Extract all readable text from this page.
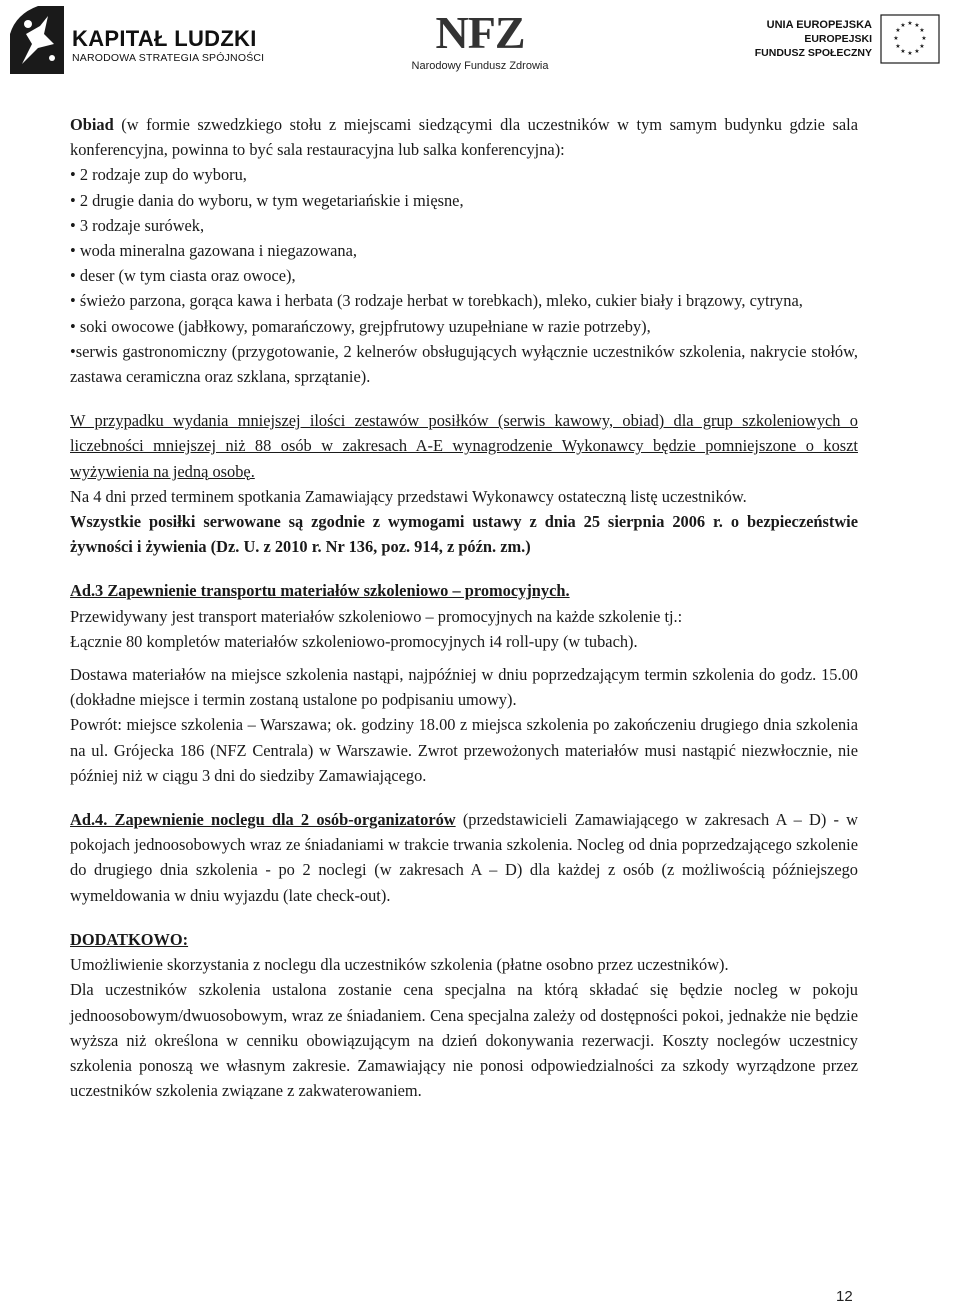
KAPITAŁ LUDZKI
NARODOWA STRATEGIA SPÓJNOŚCI	NFZ
Narodowy Fundusz Zdrowia
UNIA EUROPEJSKA
EUROPEJSKI
FUNDUSZ SPOŁECZNY
★ ★
★
★
★
★
★
★
★
★
★
★

Obiad (w formie szwedzkiego stołu z miejscami siedzącymi dla uczestników w tym samym budynku gdzie sala konferencyjna, powinna to być sala restauracyjna lub salka konferencyjna):

• 2 rodzaje zup do wyboru,

• 2 drugie dania do wyboru, w tym wegetariańskie i mięsne,

• 3 rodzaje surówek,

• woda mineralna gazowana i niegazowana,

• deser (w tym ciasta oraz owoce),

• świeżo parzona, gorąca kawa i herbata (3 rodzaje herbat w torebkach), mleko, cukier biały i brązowy, cytryna,

• soki owocowe (jabłkowy, pomarańczowy, grejpfrutowy uzupełniane w razie potrzeby),

•serwis gastronomiczny (przygotowanie, 2 kelnerów obsługujących wyłącznie uczestników szkolenia, nakrycie stołów, zastawa ceramiczna oraz szklana, sprzątanie).

W przypadku wydania mniejszej ilości zestawów posiłków (serwis kawowy, obiad) dla grup szkoleniowych o liczebności mniejszej niż 88 osób w zakresach A-E wynagrodzenie Wykonawcy będzie pomniejszone o koszt wyżywienia na jedną osobę.

Na 4 dni przed terminem spotkania Zamawiający przedstawi Wykonawcy ostateczną listę uczestników.

Wszystkie posiłki serwowane są zgodnie z wymogami ustawy z dnia 25 sierpnia 2006 r. o bezpieczeństwie żywności i żywienia (Dz. U. z 2010 r. Nr 136, poz. 914, z późn. zm.)

Ad.3 Zapewnienie transportu materiałów szkoleniowo – promocyjnych.

Przewidywany jest transport materiałów szkoleniowo – promocyjnych na każde szkolenie tj.:

Łącznie 80 kompletów materiałów szkoleniowo-promocyjnych i4 roll-upy (w tubach).

Dostawa materiałów na miejsce szkolenia nastąpi, najpóźniej w dniu poprzedzającym termin szkolenia do godz. 15.00 (dokładne miejsce i termin zostaną ustalone po podpisaniu umowy).

Powrót: miejsce szkolenia – Warszawa; ok. godziny 18.00 z miejsca szkolenia po zakończeniu drugiego dnia szkolenia na ul. Grójecka 186 (NFZ Centrala) w Warszawie. Zwrot przewożonych materiałów musi nastąpić niezwłocznie, nie później niż w ciągu 3 dni do siedziby Zamawiającego.

Ad.4. Zapewnienie noclegu dla 2 osób-organizatorów (przedstawicieli Zamawiającego w zakresach A – D) - w pokojach jednoosobowych wraz ze śniadaniami w trakcie trwania szkolenia. Nocleg od dnia poprzedzającego szkolenie do drugiego dnia szkolenia - po 2 noclegi (w zakresach A – D) dla każdej z osób (z możliwością późniejszego wymeldowania w dniu wyjazdu (late check-out).

DODATKOWO:

Umożliwienie skorzystania z noclegu dla uczestników szkolenia (płatne osobno przez uczestników).

Dla uczestników szkolenia ustalona zostanie cena specjalna na którą składać się będzie nocleg w pokoju jednoosobowym/dwuosobowym, wraz ze śniadaniem. Cena specjalna zależy od dostępności pokoi, jednakże nie będzie wyższa niż określona w cenniku obowiązującym na dzień dokonywania rezerwacji. Koszty noclegów uczestnicy szkolenia ponoszą we własnym zakresie. Zamawiający nie ponosi odpowiedzialności za szkody wyrządzone przez uczestników szkolenia związane z zakwaterowaniem.

12
